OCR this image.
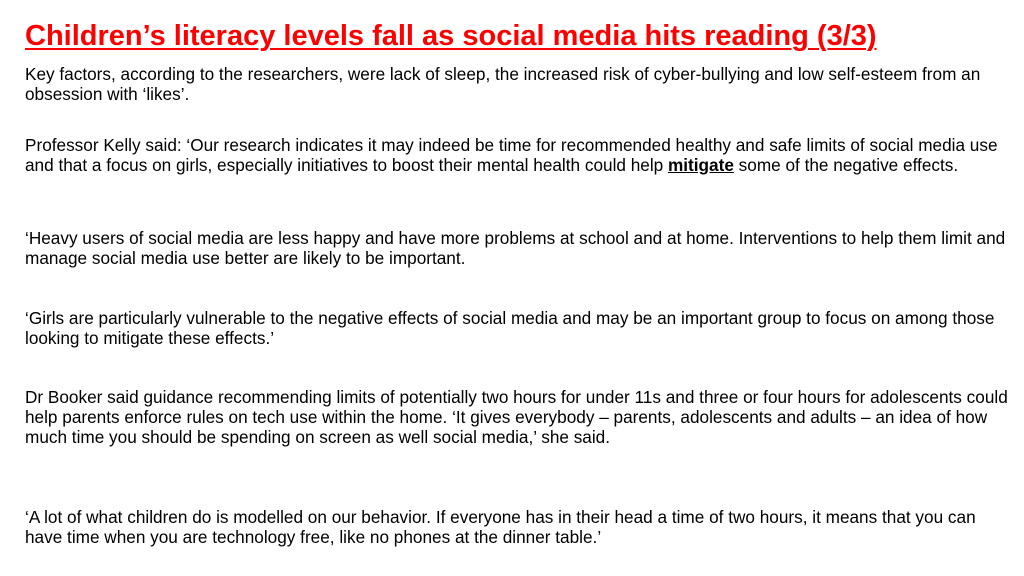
Children’s literacy levels fall as social media hits reading (3/3)

Key factors, according to the researchers, were lack of sleep, the increased risk of cyber-bullying and low self-esteem from an obsession with ‘likes’.

Professor Kelly said: ‘Our research indicates it may indeed be time for recommended healthy and safe limits of social media use and that a focus on girls, especially initiatives to boost their mental health could help mitigate some of the negative effects.

‘Heavy users of social media are less happy and have more problems at school and at home. Interventions to help them limit and manage social media use better are likely to be important.

‘Girls are particularly vulnerable to the negative effects of social media and may be an important group to focus on among those looking to mitigate these effects.’

Dr Booker said guidance recommending limits of potentially two hours for under 11s and three or four hours for adolescents could help parents enforce rules on tech use within the home. ‘It gives everybody – parents, adolescents and adults – an idea of how much time you should be spending on screen as well social media,’ she said.

‘A lot of what children do is modelled on our behavior. If everyone has in their head a time of two hours, it means that you can have time when you are technology free, like no phones at the dinner table.’
